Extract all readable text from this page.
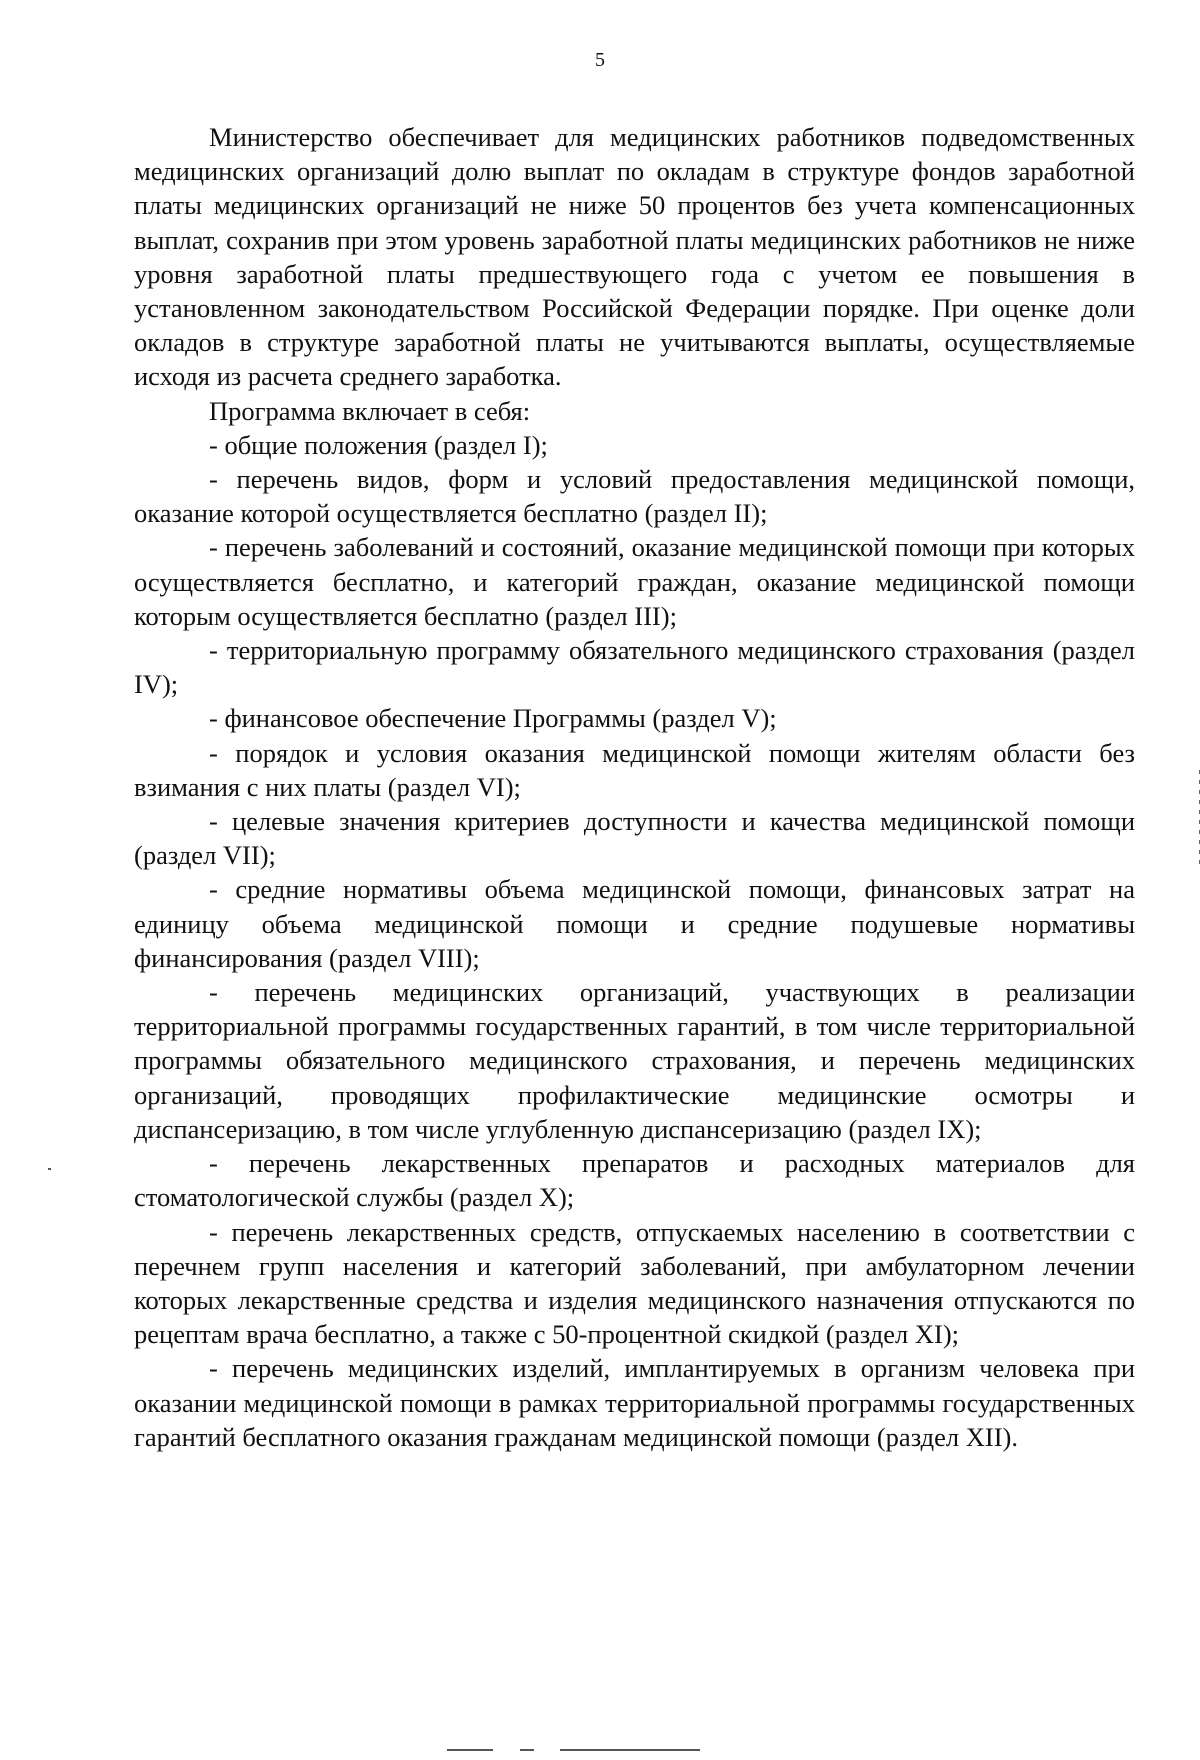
5

Министерство обеспечивает для медицинских работников подведомственных медицинских организаций долю выплат по окладам в структуре фондов заработной платы медицинских организаций не ниже 50 процентов без учета компенсационных выплат, сохранив при этом уровень заработной платы медицинских работников не ниже уровня заработной платы предшествующего года с учетом ее повышения в установленном законодательством Российской Федерации порядке. При оценке доли окладов в структуре заработной платы не учитываются выплаты, осуществляемые исходя из расчета среднего заработка.

Программа включает в себя:

- общие положения (раздел I);

- перечень видов, форм и условий предоставления медицинской помощи, оказание которой осуществляется бесплатно (раздел II);

- перечень заболеваний и состояний, оказание медицинской помощи при которых осуществляется бесплатно, и категорий граждан, оказание медицинской помощи которым осуществляется бесплатно (раздел III);

- территориальную программу обязательного медицинского страхования (раздел IV);

- финансовое обеспечение Программы (раздел V);

- порядок и условия оказания медицинской помощи жителям области без взимания с них платы (раздел VI);

- целевые значения критериев доступности и качества медицинской помощи (раздел VII);

- средние нормативы объема медицинской помощи, финансовых затрат на единицу объема медицинской помощи и средние подушевые нормативы финансирования (раздел VIII);

- перечень медицинских организаций, участвующих в реализации территориальной программы государственных гарантий, в том числе территориальной программы обязательного медицинского страхования, и перечень медицинских организаций, проводящих профилактические медицинские осмотры и диспансеризацию, в том числе углубленную диспансеризацию (раздел IX);

- перечень лекарственных препаратов и расходных материалов для стоматологической службы (раздел X);

- перечень лекарственных средств, отпускаемых населению в соответствии с перечнем групп населения и категорий заболеваний, при амбулаторном лечении которых лекарственные средства и изделия медицинского назначения отпускаются по рецептам врача бесплатно, а также с 50-процентной скидкой (раздел XI);

- перечень медицинских изделий, имплантируемых в организм человека при оказании медицинской помощи в рамках территориальной программы государственных гарантий бесплатного оказания гражданам медицинской помощи (раздел XII).
